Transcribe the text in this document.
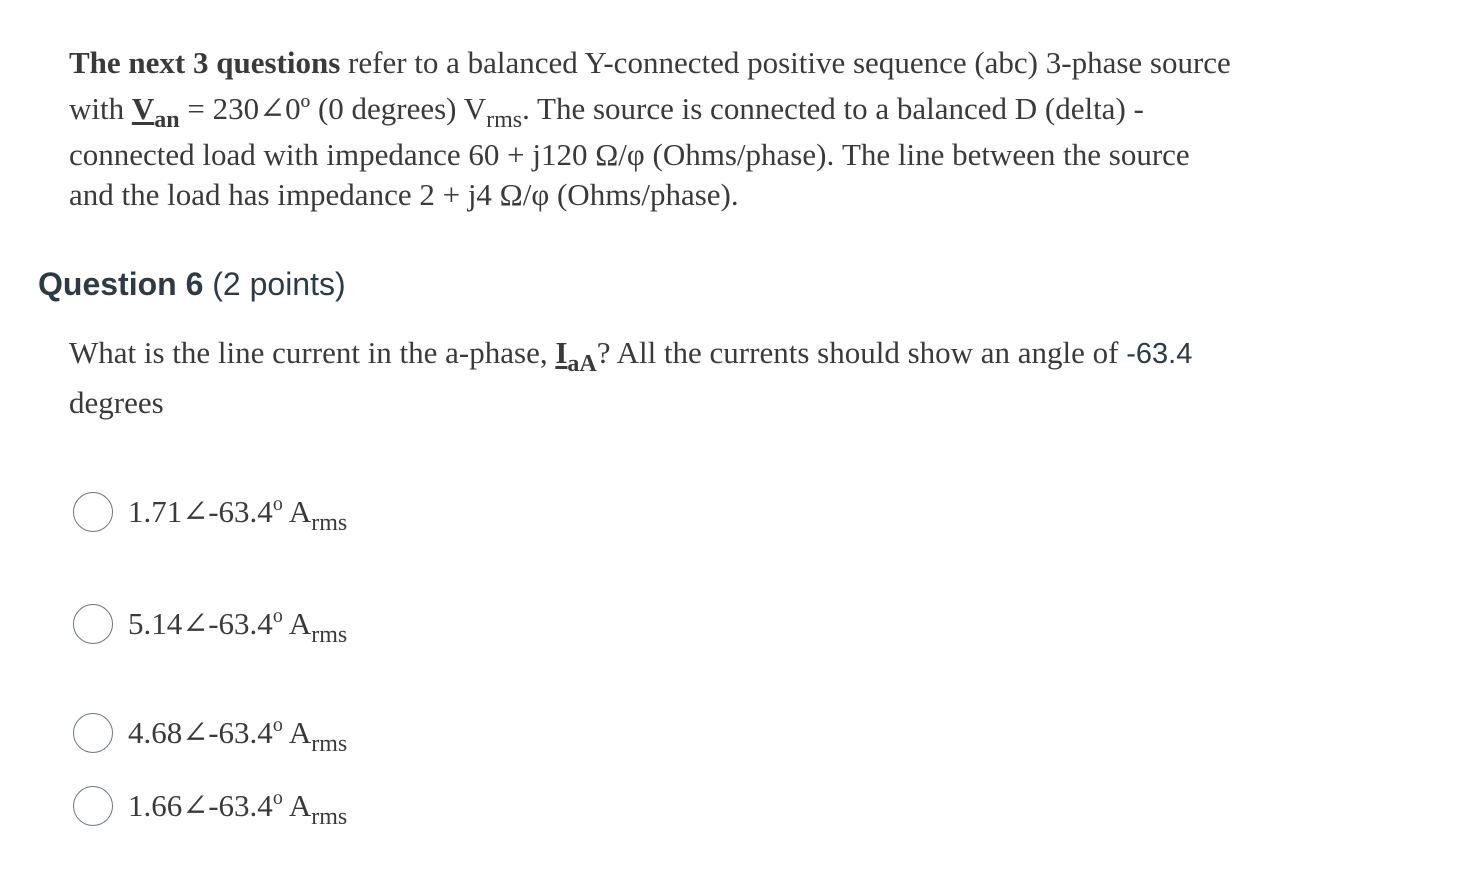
The next 3 questions refer to a balanced Y-connected positive sequence (abc) 3-phase source
with $V_{an}$ = 230∠0º (0 degrees) $V_{rms}$. The source is connected to a balanced D (delta) -
connected load with impedance 60 + j120 Ω/φ (Ohms/phase). The line between the source
and the load has impedance 2 + j4 Ω/φ (Ohms/phase).
Question 6 (2 points)
What is the line current in the a-phase, $I_{aA}$? All the currents should show an angle of -63.4
degrees
1.71∠-63.4$^o$ $A_{rms}$
5.14∠-63.4$^o$ $A_{rms}$
4.68∠-63.4$^o$ $A_{rms}$
1.66∠-63.4$^o$ $A_{rms}$
